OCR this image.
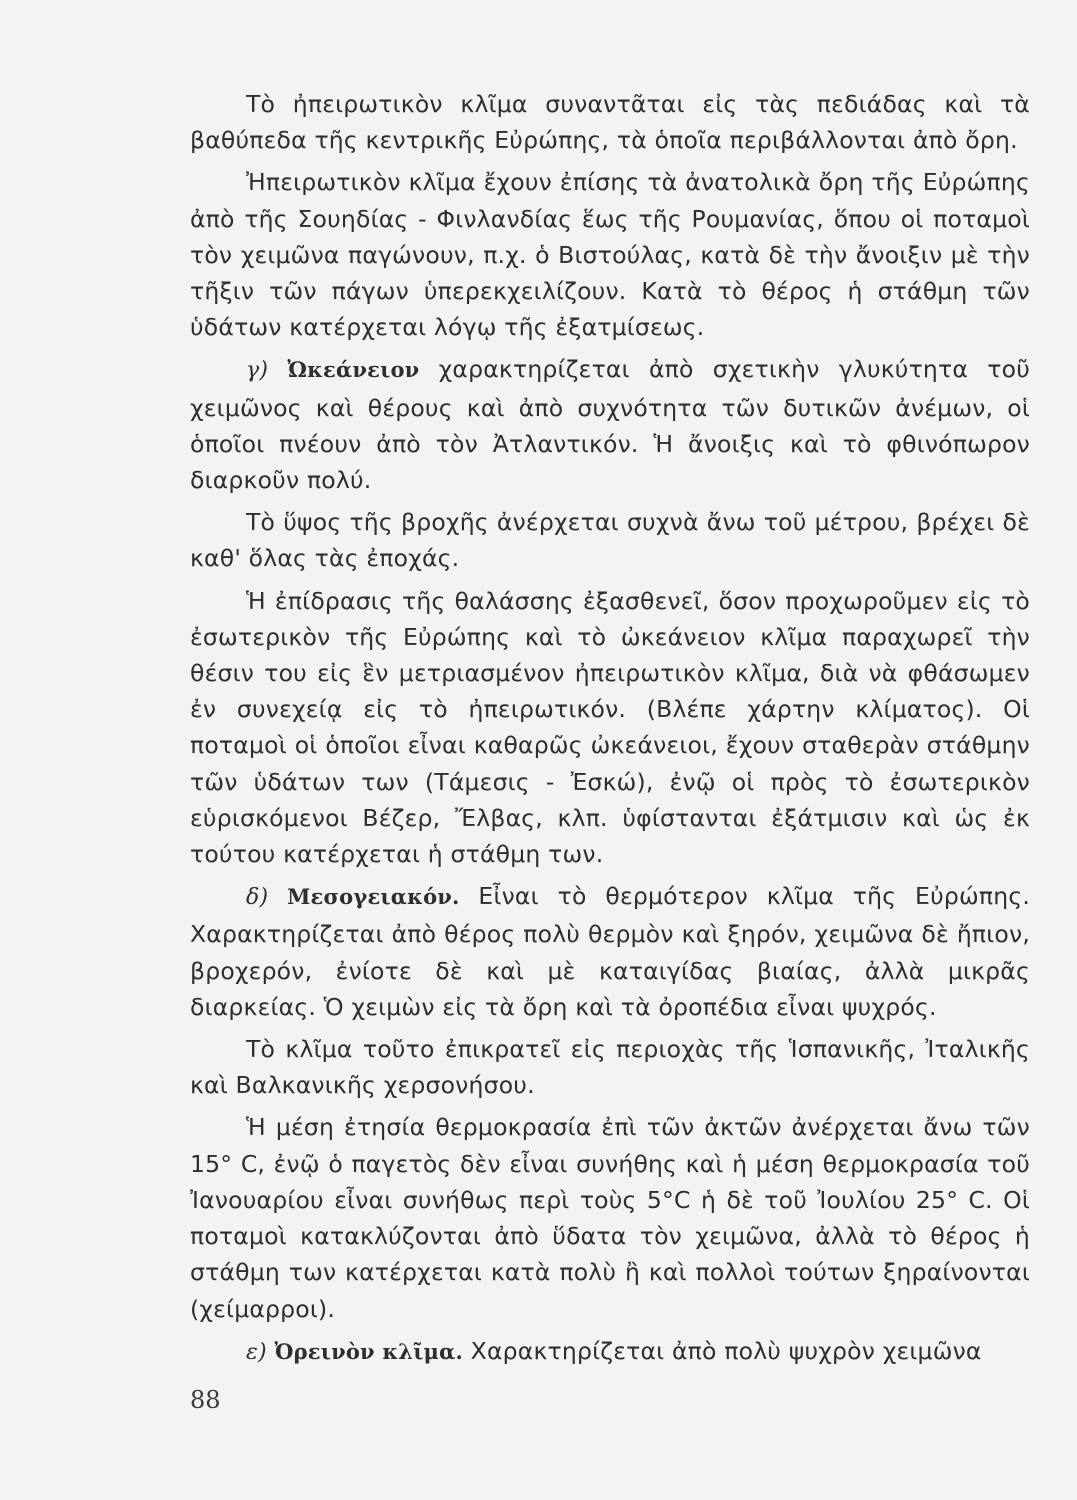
Τὸ ἠπειρωτικὸν κλῖμα συναντᾶται εἰς τὰς πεδιάδας καὶ τὰ βαθύπεδα τῆς κεντρικῆς Εὐρώπης, τὰ ὁποῖα περιβάλλονται ἀπὸ ὄρη.

Ἠπειρωτικὸν κλῖμα ἔχουν ἐπίσης τὰ ἀνατολικὰ ὄρη τῆς Εὐρώπης ἀπὸ τῆς Σουηδίας - Φινλανδίας ἕως τῆς Ρουμανίας, ὅπου οἱ ποταμοὶ τὸν χειμῶνα παγώνουν, π.χ. ὁ Βιστούλας, κατὰ δὲ τὴν ἄνοιξιν μὲ τὴν τῆξιν τῶν πάγων ὑπερεκχειλίζουν. Κατὰ τὸ θέρος ἡ στάθμη τῶν ὑδάτων κατέρχεται λόγῳ τῆς ἐξατμίσεως.

γ) Ὠκεάνειον χαρακτηρίζεται ἀπὸ σχετικὴν γλυκύτητα τοῦ χειμῶνος καὶ θέρους καὶ ἀπὸ συχνότητα τῶν δυτικῶν ἀνέμων, οἱ ὁποῖοι πνέουν ἀπὸ τὸν Ἀτλαντικόν. Ἡ ἄνοιξις καὶ τὸ φθινόπωρον διαρκοῦν πολύ.

Τὸ ὕψος τῆς βροχῆς ἀνέρχεται συχνὰ ἄνω τοῦ μέτρου, βρέχει δὲ καθ' ὅλας τὰς ἐποχάς.

Ἡ ἐπίδρασις τῆς θαλάσσης ἐξασθενεῖ, ὅσον προχωροῦμεν εἰς τὸ ἐσωτερικὸν τῆς Εὐρώπης καὶ τὸ ὠκεάνειον κλῖμα παραχωρεῖ τὴν θέσιν του εἰς ἓν μετριασμένον ἠπειρωτικὸν κλῖμα, διὰ νὰ φθάσωμεν ἐν συνεχείᾳ εἰς τὸ ἠπειρωτικόν. (Βλέπε χάρτην κλίματος). Οἱ ποταμοὶ οἱ ὁποῖοι εἶναι καθαρῶς ὠκεάνειοι, ἔχουν σταθερὰν στάθμην τῶν ὑδάτων των (Τάμεσις - Ἐσκώ), ἐνῷ οἱ πρὸς τὸ ἐσωτερικὸν εὑρισκόμενοι Βέζερ, Ἔλβας, κλπ. ὑφίστανται ἐξάτμισιν καὶ ὡς ἐκ τούτου κατέρχεται ἡ στάθμη των.

δ) Μεσογειακόν. Εἶναι τὸ θερμότερον κλῖμα τῆς Εὐρώπης. Χαρακτηρίζεται ἀπὸ θέρος πολὺ θερμὸν καὶ ξηρόν, χειμῶνα δὲ ἤπιον, βροχερόν, ἐνίοτε δὲ καὶ μὲ καταιγίδας βιαίας, ἀλλὰ μικρᾶς διαρκείας. Ὁ χειμὼν εἰς τὰ ὄρη καὶ τὰ ὀροπέδια εἶναι ψυχρός.

Τὸ κλῖμα τοῦτο ἐπικρατεῖ εἰς περιοχὰς τῆς Ἱσπανικῆς, Ἰταλικῆς καὶ Βαλκανικῆς χερσονήσου.

Ἡ μέση ἐτησία θερμοκρασία ἐπὶ τῶν ἀκτῶν ἀνέρχεται ἄνω τῶν 15° C, ἐνῷ ὁ παγετὸς δὲν εἶναι συνήθης καὶ ἡ μέση θερμοκρασία τοῦ Ἰανουαρίου εἶναι συνήθως περὶ τοὺς 5°C ἡ δὲ τοῦ Ἰουλίου 25° C. Οἱ ποταμοὶ κατακλύζονται ἀπὸ ὕδατα τὸν χειμῶνα, ἀλλὰ τὸ θέρος ἡ στάθμη των κατέρχεται κατὰ πολὺ ἢ καὶ πολλοὶ τούτων ξηραίνονται (χείμαρροι).

ε) Ὀρεινὸν κλῖμα. Χαρακτηρίζεται ἀπὸ πολὺ ψυχρὸν χειμῶνα

88
